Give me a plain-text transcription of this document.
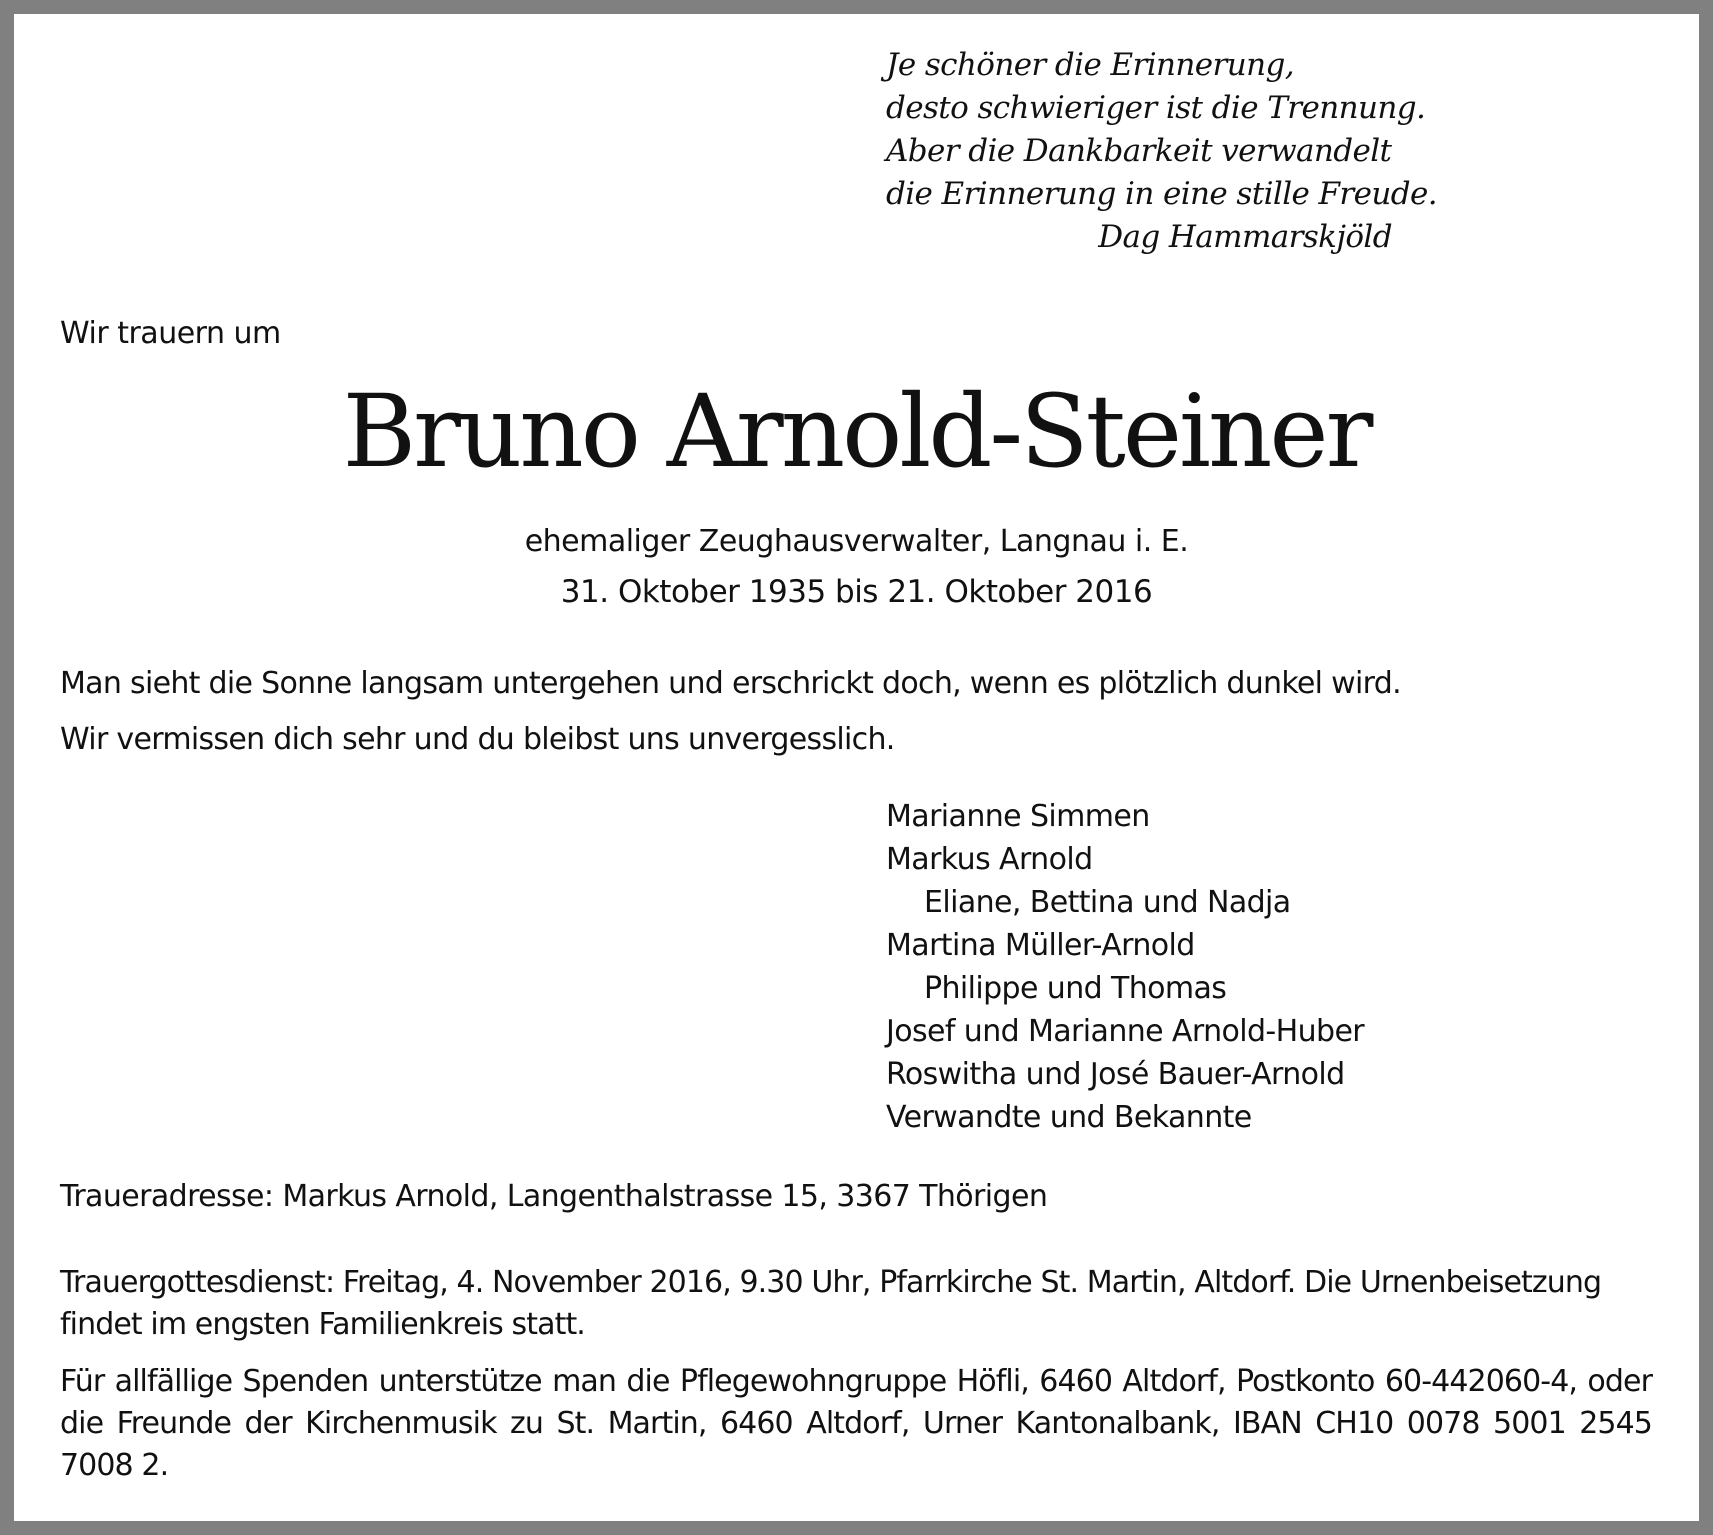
Je schöner die Erinnerung,
desto schwieriger ist die Trennung.
Aber die Dankbarkeit verwandelt
die Erinnerung in eine stille Freude.
Dag Hammarskjöld
Wir trauern um
Bruno Arnold-Steiner
ehemaliger Zeughausverwalter, Langnau i. E.
31. Oktober 1935 bis 21. Oktober 2016
Man sieht die Sonne langsam untergehen und erschrickt doch, wenn es plötzlich dunkel wird.
Wir vermissen dich sehr und du bleibst uns unvergesslich.
Marianne Simmen
Markus Arnold
Eliane, Bettina und Nadja
Martina Müller-Arnold
Philippe und Thomas
Josef und Marianne Arnold-Huber
Roswitha und José Bauer-Arnold
Verwandte und Bekannte
Traueradresse: Markus Arnold, Langenthalstrasse 15, 3367 Thörigen
Trauergottesdienst: Freitag, 4. November 2016, 9.30 Uhr, Pfarrkirche St. Martin, Altdorf. Die Urnenbeisetzung findet im engsten Familienkreis statt.
Für allfällige Spenden unterstütze man die Pflegewohngruppe Höfli, 6460 Altdorf, Postkonto 60-442060-4, oder die Freunde der Kirchenmusik zu St. Martin, 6460 Altdorf, Urner Kantonalbank, IBAN CH10 0078 5001 2545 7008 2.
